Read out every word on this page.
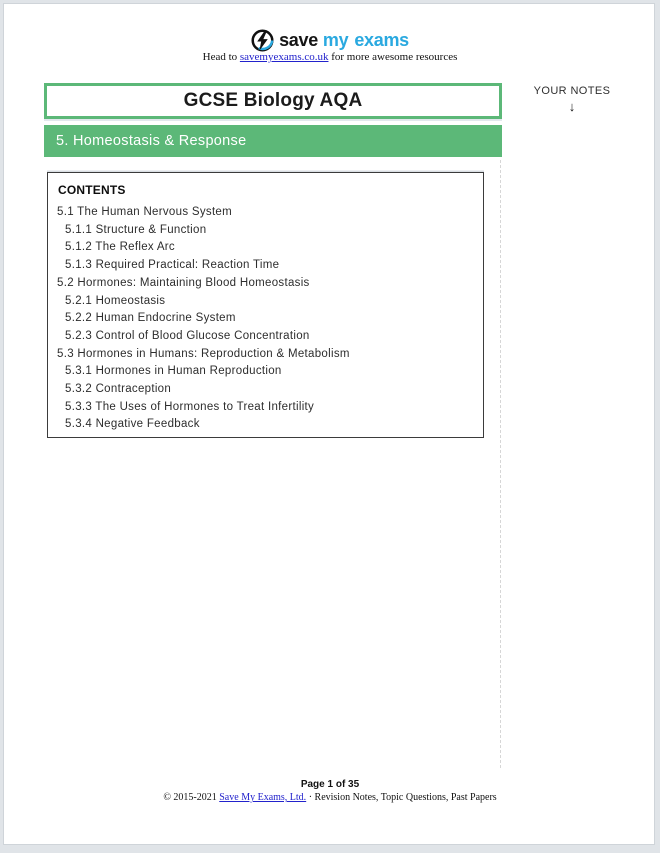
save my exams
Head to savemyexams.co.uk for more awesome resources
GCSE Biology AQA
5. Homeostasis & Response
YOUR NOTES
↓
CONTENTS
5.1 The Human Nervous System
5.1.1 Structure & Function
5.1.2 The Reflex Arc
5.1.3 Required Practical: Reaction Time
5.2 Hormones: Maintaining Blood Homeostasis
5.2.1 Homeostasis
5.2.2 Human Endocrine System
5.2.3 Control of Blood Glucose Concentration
5.3 Hormones in Humans: Reproduction & Metabolism
5.3.1 Hormones in Human Reproduction
5.3.2 Contraception
5.3.3 The Uses of Hormones to Treat Infertility
5.3.4 Negative Feedback
Page 1 of 35
© 2015-2021 Save My Exams, Ltd. · Revision Notes, Topic Questions, Past Papers
